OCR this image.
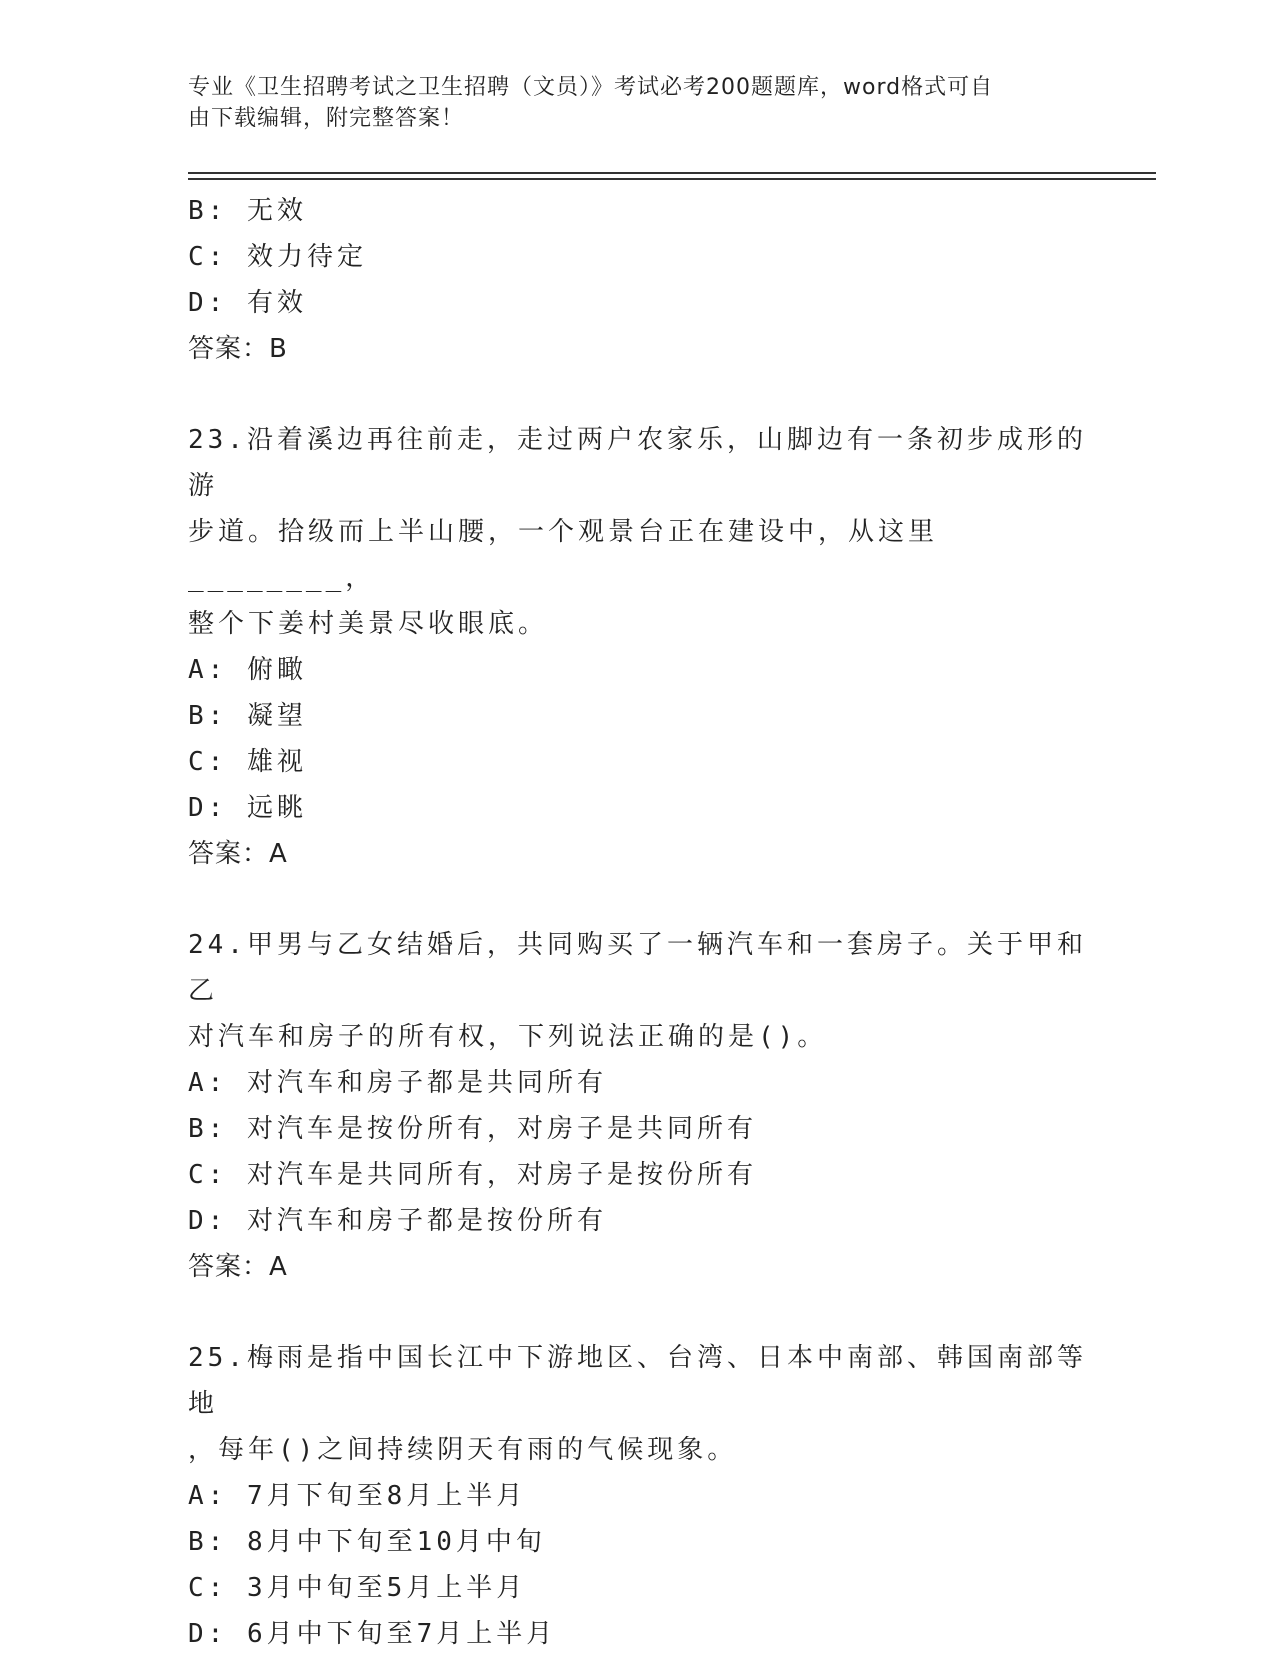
专业《卫生招聘考试之卫生招聘（文员）》考试必考200题题库，word格式可自
由下载编辑，附完整答案！
B: 无效
C: 效力待定
D: 有效
答案：B
23.沿着溪边再往前走，走过两户农家乐，山脚边有一条初步成形的游
步道。拾级而上半山腰，一个观景台正在建设中，从这里________，
整个下姜村美景尽收眼底。
A: 俯瞰
B: 凝望
C: 雄视
D: 远眺
答案：A
24.甲男与乙女结婚后，共同购买了一辆汽车和一套房子。关于甲和乙
对汽车和房子的所有权，下列说法正确的是()。
A: 对汽车和房子都是共同所有
B: 对汽车是按份所有，对房子是共同所有
C: 对汽车是共同所有，对房子是按份所有
D: 对汽车和房子都是按份所有
答案：A
25.梅雨是指中国长江中下游地区、台湾、日本中南部、韩国南部等地
，每年()之间持续阴天有雨的气候现象。
A: 7月下旬至8月上半月
B: 8月中下旬至10月中旬
C: 3月中旬至5月上半月
D: 6月中下旬至7月上半月
